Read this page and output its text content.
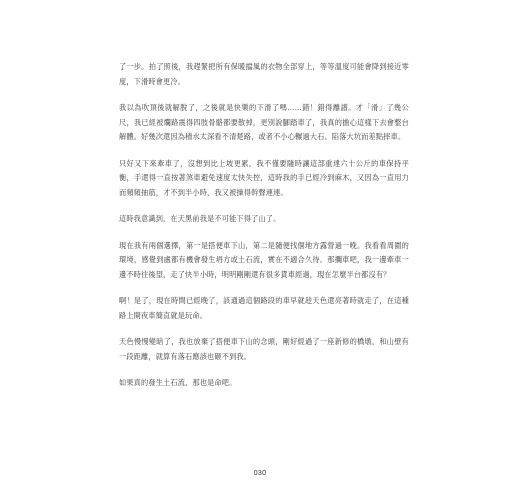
了一步。拍了照後，我趕緊把所有保暖擋風的衣物全部穿上，等等溫度可能會降到接近零度，下滑時會更冷。

我以為吹頂後就解脫了，之後就是快樂的下滑了嗎……錯！錯得離譜。才「滑」了幾公尺，我已經被爛路震得四肢骨骼都要散掉，更別說腳踏車了，我真的擔心這樣下去會整台解體。好幾次還因為積水太深看不清楚路，或者不小心輾過大石、陷落大坑而差點摔車。

只好又下來牽車了，沒想到比上坡更累，我不僅要隨時讓這部重達六十公斤的車保持平衡，手還得一直按著煞車避免速度太快失控，這時我的手已經冷到麻木，又因為一直用力而頻頻抽筋，才不到半小時，我又被操得幹聲連連。

這時我意識到，在天黑前我是不可能下得了山了。

現在我有兩個選擇，第一是搭便車下山，第二是隨便找個地方露營過一晚。我看看周圍的環境，感覺到處都有機會發生坍方或土石流，實在不適合久待。那攔車吧，我一邊牽車一邊不時往後望，走了快半小時，明明剛剛還有很多貨車經過，現在怎麼半台都沒有？

啊！是了，現在時間已經晚了，該通過這個路段的車早就趁天色還亮著時就走了，在這種路上開夜車簡直就是玩命。

天色慢慢變暗了，我也放棄了搭便車下山的念頭，剛好經過了一座新修的橋墩，和山壁有一段距離，就算有落石應該也砸不到我。

如果真的發生土石流，那也是命吧。

030
